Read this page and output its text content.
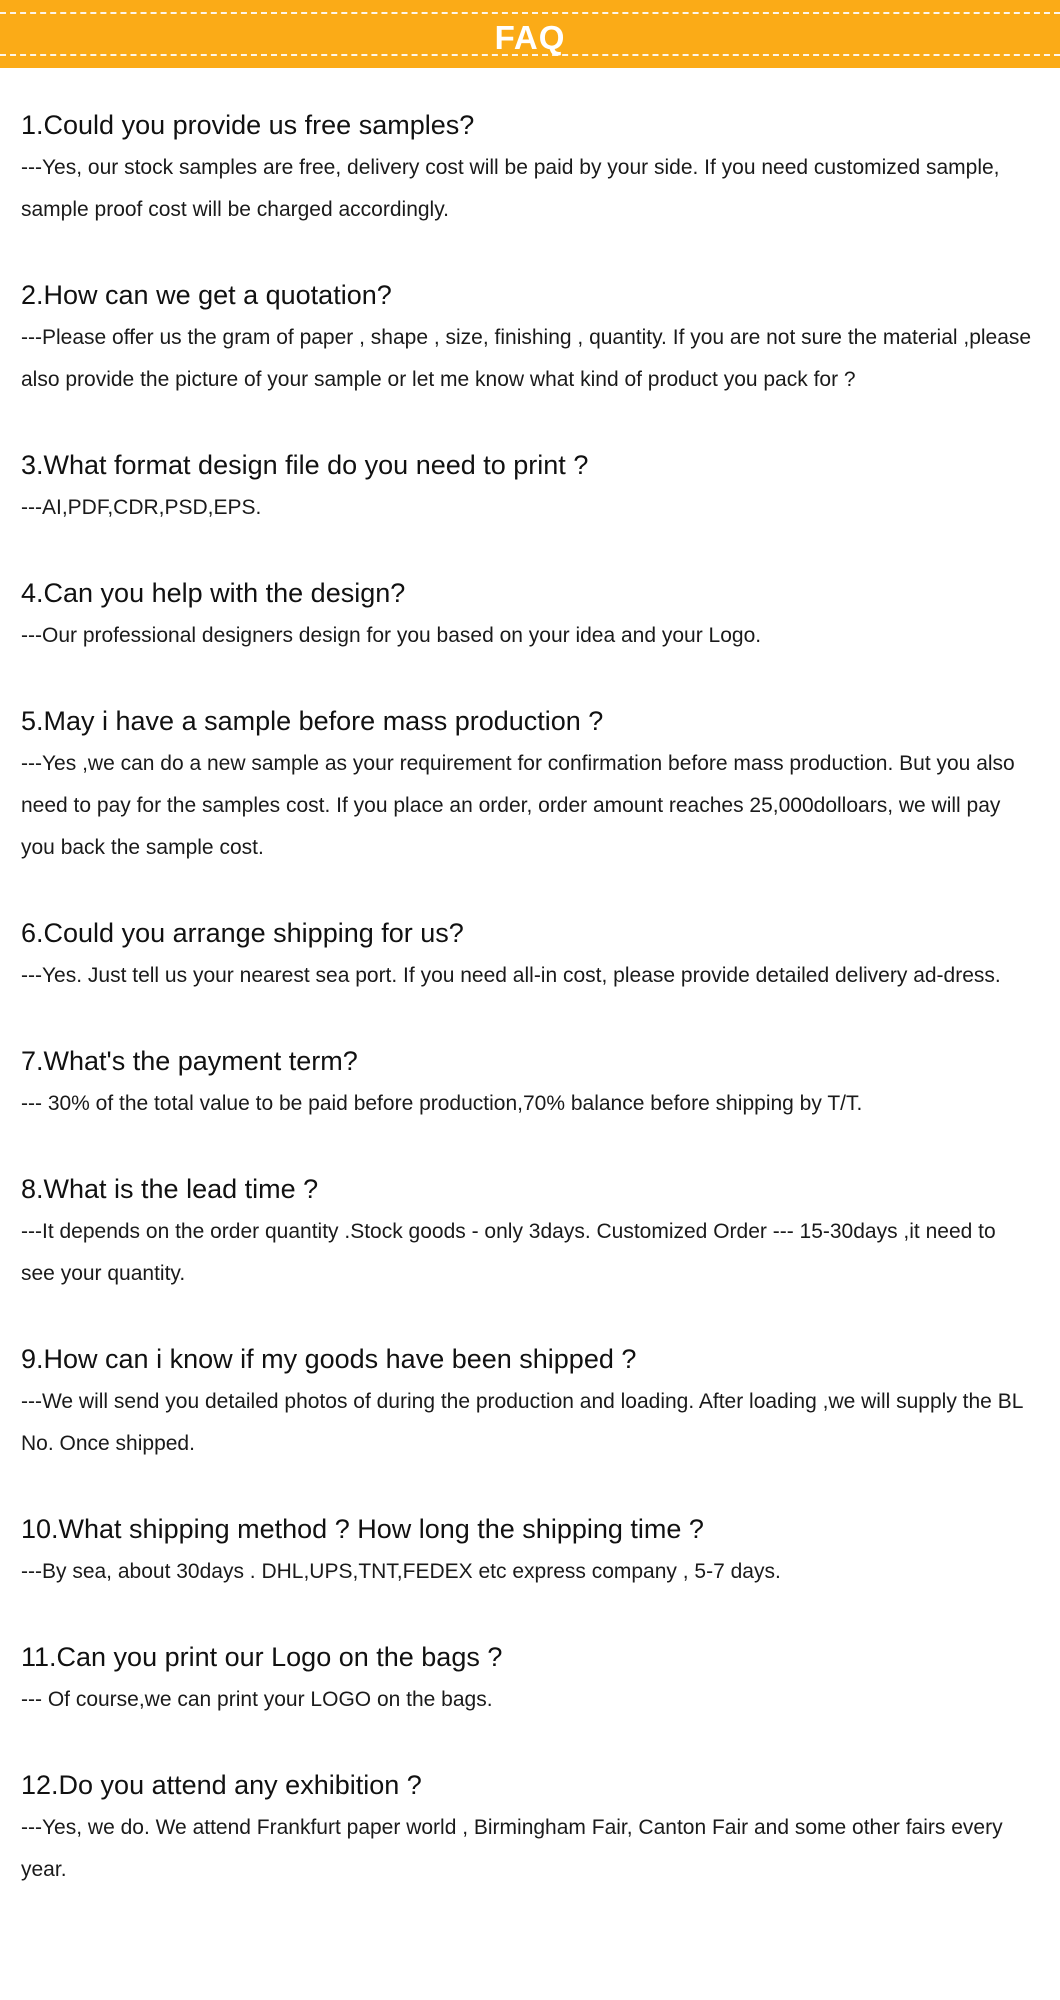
FAQ
1.Could you provide us free samples?

---Yes, our stock samples are free, delivery cost will be paid by your side. If you need customized sample, sample proof cost will be charged accordingly.

2.How can we get a quotation?

---Please offer us the gram of paper , shape , size, finishing , quantity. If you are not sure the material ,please also provide the picture of your sample or let me know what kind of product you pack for ?

3.What format design file do you need to print ?

---AI,PDF,CDR,PSD,EPS.

4.Can you help with the design?

---Our professional designers design for you based on your idea and your Logo.

5.May i have a sample before mass production ?

---Yes ,we can do a new sample as your requirement for confirmation before mass production. But you also need to pay for the samples cost. If you place an order, order amount reaches 25,000dolloars, we will pay you back the sample cost.

6.Could you arrange shipping for us?

---Yes. Just tell us your nearest sea port. If you need all-in cost, please provide detailed delivery ad-dress.

7.What's the payment term?

--- 30% of the total value to be paid before production,70% balance before shipping by T/T.

8.What is the lead time ?

---It depends on the order quantity .Stock goods - only 3days. Customized Order --- 15-30days ,it need to see your quantity.

9.How can i know if my goods have been shipped ?

---We will send you detailed photos of during the production and loading. After loading ,we will supply the BL No. Once shipped.

10.What shipping method ? How long the shipping time ?

---By sea, about 30days . DHL,UPS,TNT,FEDEX etc express company , 5-7 days.

11.Can you print our Logo on the bags ?

--- Of course,we can print your LOGO on the bags.

12.Do you attend any exhibition ?

---Yes, we do. We attend Frankfurt paper world , Birmingham Fair, Canton Fair and some other fairs every year.
